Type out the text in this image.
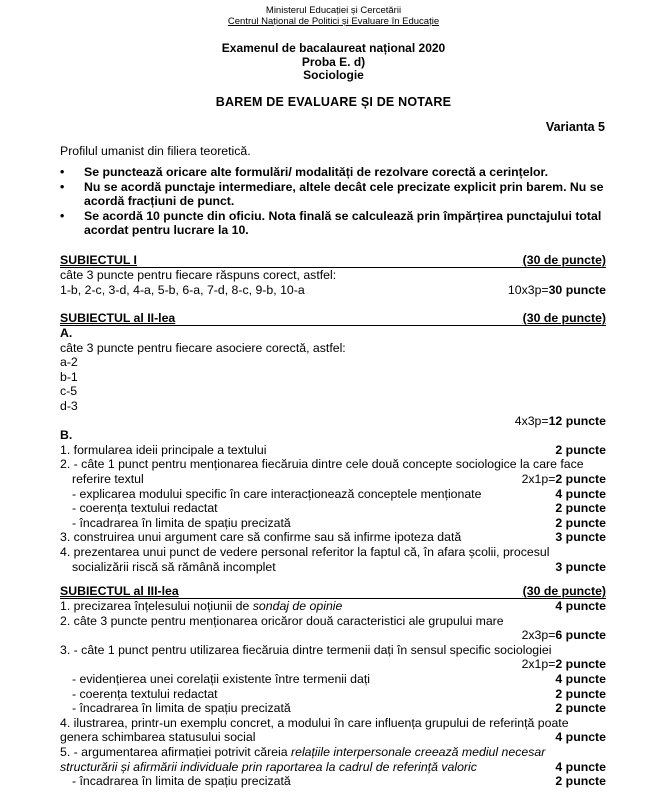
Ministerul Educației și Cercetării
Centrul Național de Politici și Evaluare în Educație
Examenul de bacalaureat național 2020
Proba E. d)
Sociologie
BAREM DE EVALUARE ȘI DE NOTARE
Varianta 5
Profilul umanist din filiera teoretică.
• Se punctează oricare alte formulări/ modalități de rezolvare corectă a cerințelor.
• Nu se acordă punctaje intermediare, altele decât cele precizate explicit prin barem. Nu se acordă fracțiuni de punct.
• Se acordă 10 puncte din oficiu. Nota finală se calculează prin împărțirea punctajului total acordat pentru lucrare la 10.
SUBIECTUL I	(30 de puncte)
câte 3 puncte pentru fiecare răspuns corect, astfel:
1-b, 2-c, 3-d, 4-a, 5-b, 6-a, 7-d, 8-c, 9-b, 10-a	10x3p=30 puncte
SUBIECTUL al II-lea	(30 de puncte)
A.
câte 3 puncte pentru fiecare asociere corectă, astfel:
a-2
b-1
c-5
d-3
4x3p=12 puncte
B.
1. formularea ideii principale a textului	2 puncte
2. - câte 1 punct pentru menționarea fiecăruia dintre cele două concepte sociologice la care face
referire textul	2x1p=2 puncte
- explicarea modului specific în care interacționează conceptele menționate	4 puncte
- coerența textului redactat	2 puncte
- încadrarea în limita de spațiu precizată	2 puncte
3. construirea unui argument care să confirme sau să infirme ipoteza dată	3 puncte
4. prezentarea unui punct de vedere personal referitor la faptul că, în afara școlii, procesul
socializării riscă să rămână incomplet	3 puncte
SUBIECTUL al III-lea	(30 de puncte)
1. precizarea înțelesului noțiunii de sondaj de opinie	4 puncte
2. câte 3 puncte pentru menționarea oricăror două caracteristici ale grupului mare
2x3p=6 puncte
3. - câte 1 punct pentru utilizarea fiecăruia dintre termenii dați în sensul specific sociologiei
2x1p=2 puncte
- evidențierea unei corelații existente între termenii dați	4 puncte
- coerența textului redactat	2 puncte
- încadrarea în limita de spațiu precizată	2 puncte
4. ilustrarea, printr-un exemplu concret, a modului în care influența grupului de referință poate
genera schimbarea statusului social	4 puncte
5. - argumentarea afirmației potrivit căreia relațiile interpersonale creează mediul necesar
structurării și afirmării individuale prin raportarea la cadrul de referință valoric	4 puncte
- încadrarea în limita de spațiu precizată	2 puncte
